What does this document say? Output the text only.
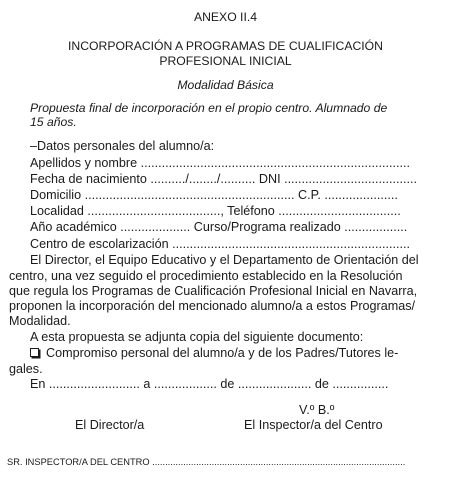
ANEXO II.4
INCORPORACIÓN A PROGRAMAS DE CUALIFICACIÓN
PROFESIONAL INICIAL
Modalidad Básica
Propuesta final de incorporación en el propio centro. Alumnado de
15 años.
–Datos personales del alumno/a:
Apellidos y nombre .............................................................................
Fecha de nacimiento ........../......../.......... DNI ......................................
Domicilio ............................................................ C.P. .....................
Localidad ......................................, Teléfono ...................................
Año académico .................... Curso/Programa realizado ..................
Centro de escolarización ....................................................................
El Director, el Equipo Educativo y el Departamento de Orientación del
centro, una vez seguido el procedimiento establecido en la Resolución
que regula los Programas de Cualificación Profesional Inicial en Navarra,
proponen la incorporación del mencionado alumno/a a estos Programas/
Modalidad.
A esta propuesta se adjunta copia del siguiente documento:
Compromiso personal del alumno/a y de los Padres/Tutores le-
gales.
En .......................... a .................. de ..................... de ................
V.º B.º
El Director/a	El Inspector/a del Centro
SR. INSPECTOR/A DEL CENTRO ..................................................................................................
